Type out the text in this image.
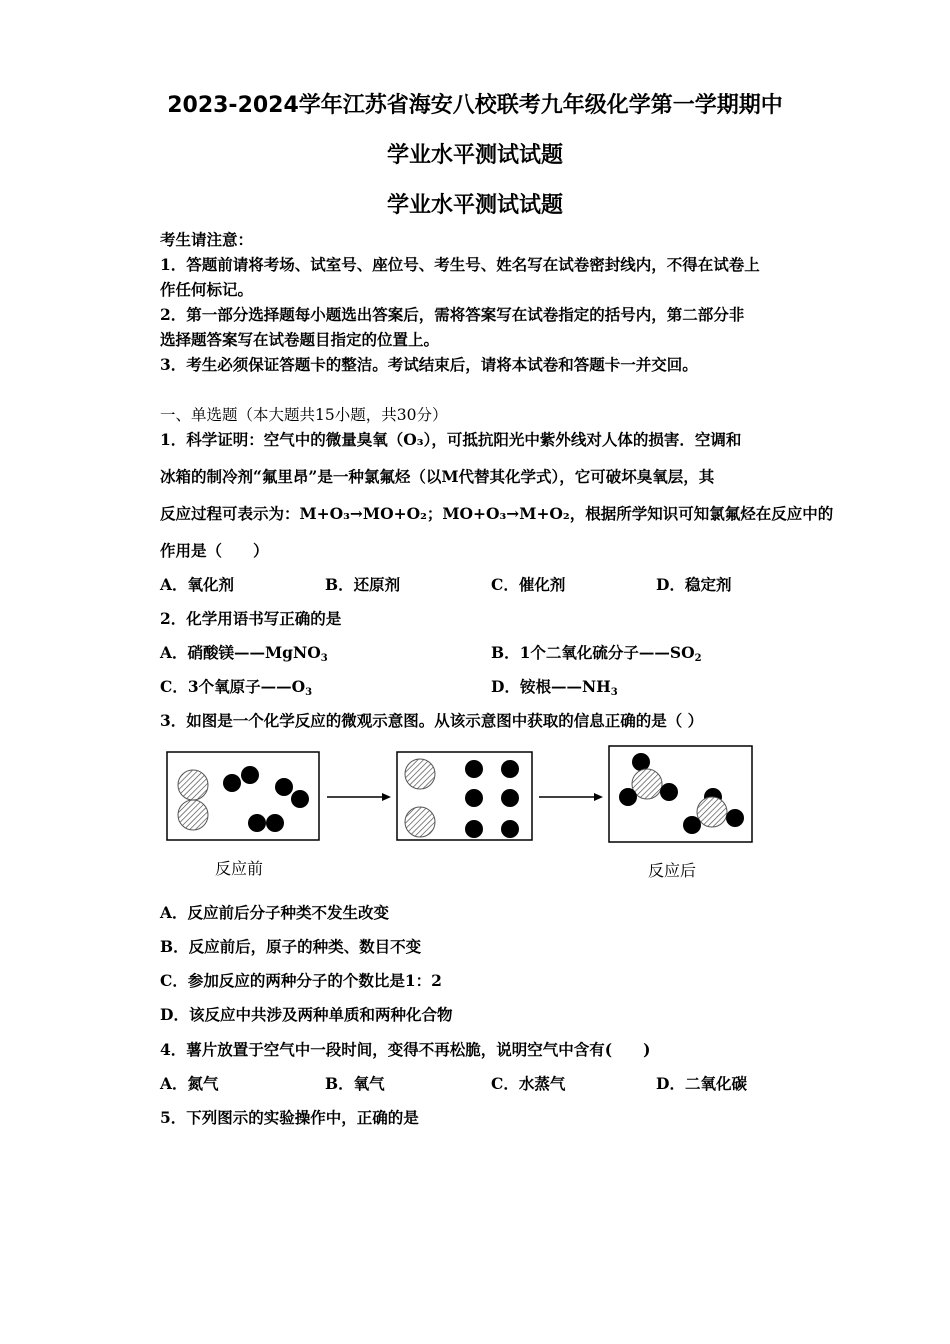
2023-2024学年江苏省海安八校联考九年级化学第一学期期中
学业水平测试试题
学业水平测试试题
考生请注意：
1．答题前请将考场、试室号、座位号、考生号、姓名写在试卷密封线内，不得在试卷上
作任何标记。
2．第一部分选择题每小题选出答案后，需将答案写在试卷指定的括号内，第二部分非
选择题答案写在试卷题目指定的位置上。
3．考生必须保证答题卡的整洁。考试结束后，请将本试卷和答题卡一并交回。
一、单选题（本大题共15小题，共30分）
1．科学证明：空气中的微量臭氧（O₃），可抵抗阳光中紫外线对人体的损害．空调和
冰箱的制冷剂“氟里昂”是一种氯氟烃（以M代替其化学式），它可破坏臭氧层，其
反应过程可表示为：M+O₃→MO+O₂；MO+O₃→M+O₂，根据所学知识可知氯氟烃在反应中的
作用是（　　）
A．氧化剂	B．还原剂	C．催化剂	D．稳定剂
2．化学用语书写正确的是
A．硝酸镁——MgNO$_3$	B．1个二氧化硫分子$——SO_2$
C．3个氧原子$——O_3$	D．铵根$——NH_3$
3．如图是一个化学反应的微观示意图。从该示意图中获取的信息正确的是（ ）
反应前	反应后
A．反应前后分子种类不发生改变
B．反应前后，原子的种类、数目不变
C．参加反应的两种分子的个数比是1：2
D．该反应中共涉及两种单质和两种化合物
4．薯片放置于空气中一段时间，变得不再松脆，说明空气中含有(　　)
A．氮气	B．氧气	C．水蒸气	D．二氧化碳
5．下列图示的实验操作中，正确的是
